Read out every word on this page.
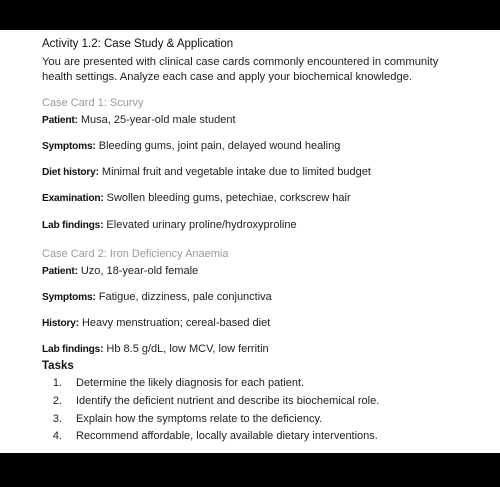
Activity 1.2: Case Study & Application
You are presented with clinical case cards commonly encountered in community health settings. Analyze each case and apply your biochemical knowledge.
Case Card 1: Scurvy
Patient: Musa, 25-year-old male student
Symptoms: Bleeding gums, joint pain, delayed wound healing
Diet history: Minimal fruit and vegetable intake due to limited budget
Examination: Swollen bleeding gums, petechiae, corkscrew hair
Lab findings: Elevated urinary proline/hydroxyproline
Case Card 2: Iron Deficiency Anaemia
Patient: Uzo, 18-year-old female
Symptoms: Fatigue, dizziness, pale conjunctiva
History: Heavy menstruation; cereal-based diet
Lab findings: Hb 8.5 g/dL, low MCV, low ferritin
Tasks
1. Determine the likely diagnosis for each patient.
2. Identify the deficient nutrient and describe its biochemical role.
3. Explain how the symptoms relate to the deficiency.
4. Recommend affordable, locally available dietary interventions.
